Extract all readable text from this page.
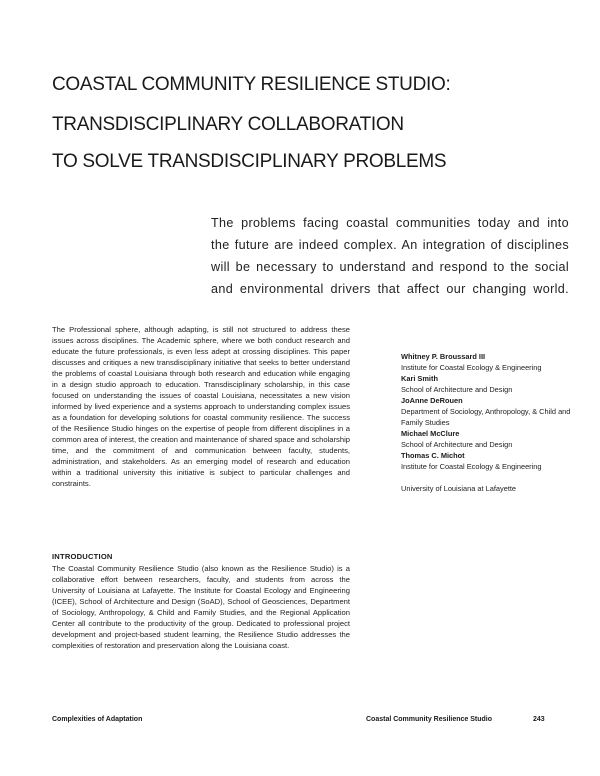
COASTAL COMMUNITY RESILIENCE STUDIO:
TRANSDISCIPLINARY COLLABORATION
TO SOLVE TRANSDISCIPLINARY PROBLEMS
The problems facing coastal communities today and into
the future are indeed complex. An integration of disciplines
will be necessary to understand and respond to the social
and environmental drivers that affect our changing world.

The Professional sphere, although adapting, is still not structured to address these issues across disciplines. The Academic sphere, where we both conduct research and educate the future professionals, is even less adept at crossing disciplines. This paper discusses and critiques a new transdisciplinary initiative that seeks to better understand the problems of coastal Louisiana through both research and education while engaging in a design studio approach to education. Transdisciplinary scholarship, in this case focused on understanding the issues of coastal Louisiana, necessitates a new vision informed by lived experience and a systems approach to understanding complex issues as a foundation for developing solutions for coastal community resilience. The success of the Resilience Studio hinges on the expertise of people from different disciplines in a common area of interest, the creation and maintenance of shared space and scholarship time, and the commitment of and communication between faculty, students, administration, and stakeholders. As an emerging model of research and education within a traditional university this initiative is subject to particular challenges and constraints.

INTRODUCTION

The Coastal Community Resilience Studio (also known as the Resilience Studio) is a collaborative effort between researchers, faculty, and students from across the University of Louisiana at Lafayette. The Institute for Coastal Ecology and Engineering (ICEE), School of Architecture and Design (SoAD), School of Geosciences, Department of Sociology, Anthropology, & Child and Family Studies, and the Regional Application Center all contribute to the productivity of the group. Dedicated to professional project development and project-based student learning, the Resilience Studio addresses the complexities of restoration and preservation along the Louisiana coast.

Whitney P. Broussard III
Institute for Coastal Ecology & Engineering
Kari Smith
School of Architecture and Design
JoAnne DeRouen
Department of Sociology, Anthropology, & Child and Family Studies
Michael McClure
School of Architecture and Design
Thomas C. Michot
Institute for Coastal Ecology & Engineering
University of Louisiana at Lafayette
Complexities of Adaptation	Coastal Community Resilience Studio	243
